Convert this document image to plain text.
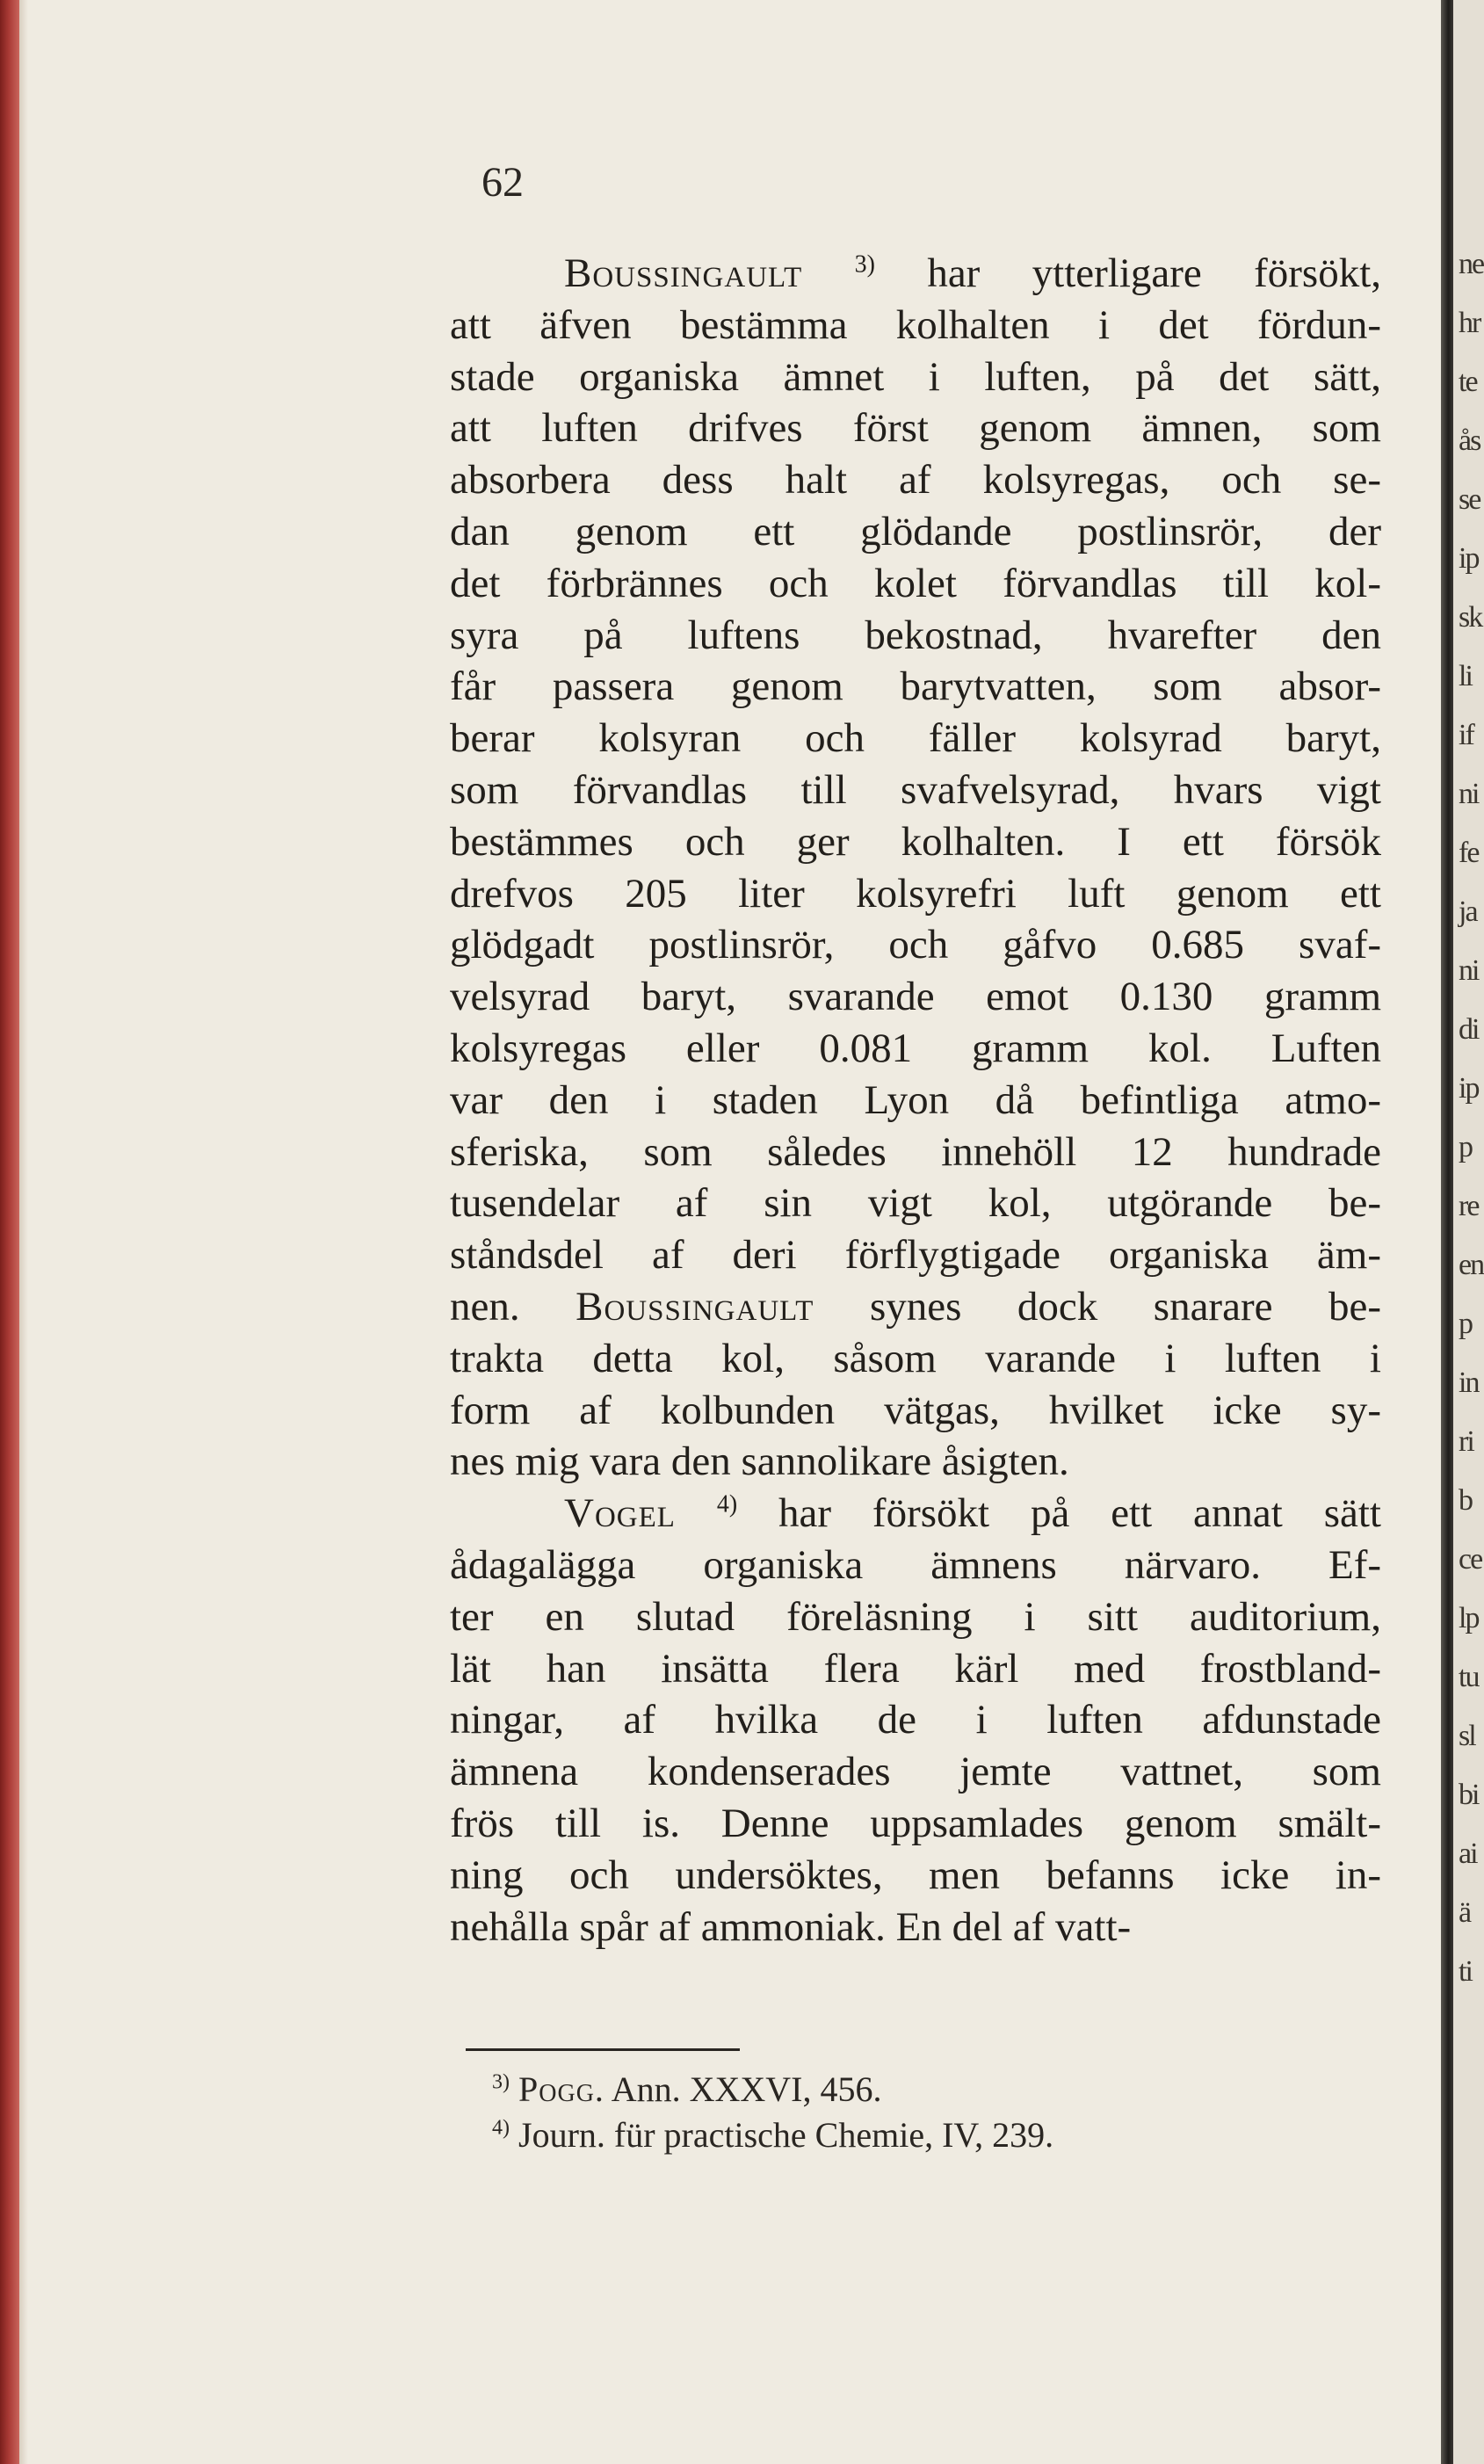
62
Boussingault $^{3)}$ har ytterligare försökt,
att äfven bestämma kolhalten i det fördun-
stade organiska ämnet i luften, på det sätt,
att luften drifves först genom ämnen, som
absorbera dess halt af kolsyregas, och se-
dan genom ett glödande postlinsrör, der
det förbrännes och kolet förvandlas till kol-
syra på luftens bekostnad, hvarefter den
får passera genom barytvatten, som absor-
berar kolsyran och fäller kolsyrad baryt,
som förvandlas till svafvelsyrad, hvars vigt
bestämmes och ger kolhalten. I ett försök
drefvos 205 liter kolsyrefri luft genom ett
glödgadt postlinsrör, och gåfvo 0.685 svaf-
velsyrad baryt, svarande emot 0.130 gramm
kolsyregas eller 0.081 gramm kol. Luften
var den i staden Lyon då befintliga atmo-
sferiska, som således innehöll 12 hundrade
tusendelar af sin vigt kol, utgörande be-
ståndsdel af deri förflygtigade organiska äm-
nen. Boussingault synes dock snarare be-
trakta detta kol, såsom varande i luften i
form af kolbunden vätgas, hvilket icke sy-
nes mig vara den sannolikare åsigten.
Vogel $^{4)}$ har försökt på ett annat sätt
ådagalägga organiska ämnens närvaro. Ef-
ter en slutad föreläsning i sitt auditorium,
lät han insätta flera kärl med frostbland-
ningar, af hvilka de i luften afdunstade
ämnena kondenserades jemte vattnet, som
frös till is. Denne uppsamlades genom smält-
ning och undersöktes, men befanns icke in-
nehålla spår af ammoniak. En del af vatt-
$^{3)}$ Pogg. Ann. XXXVI, 456.
$^{4)}$ Journ. für practische Chemie, IV, 239.
ne
hr
te
ås
se
ip
sk
li
if
ni
fe
ja
ni
di
ip
p
re
en
p
in
ri
b
ce
lp
tu
sl
bi
ai
ä
ti
